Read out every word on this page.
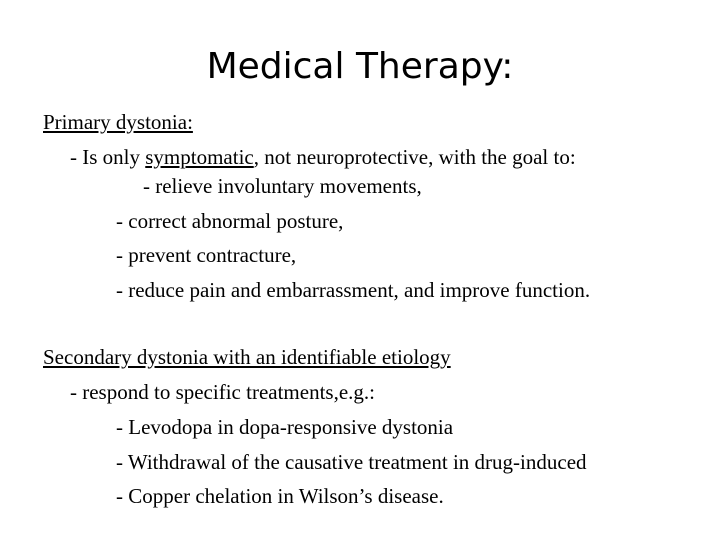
Medical Therapy:
Primary dystonia:
- Is only symptomatic, not neuroprotective, with the goal to:
- relieve involuntary movements,
- correct abnormal posture,
- prevent contracture,
- reduce pain and embarrassment, and improve function.
Secondary dystonia with an identifiable etiology
- respond to specific treatments,e.g.:
- Levodopa in dopa-responsive dystonia
- Withdrawal of the causative treatment in drug-induced
- Copper chelation in Wilson’s disease.
